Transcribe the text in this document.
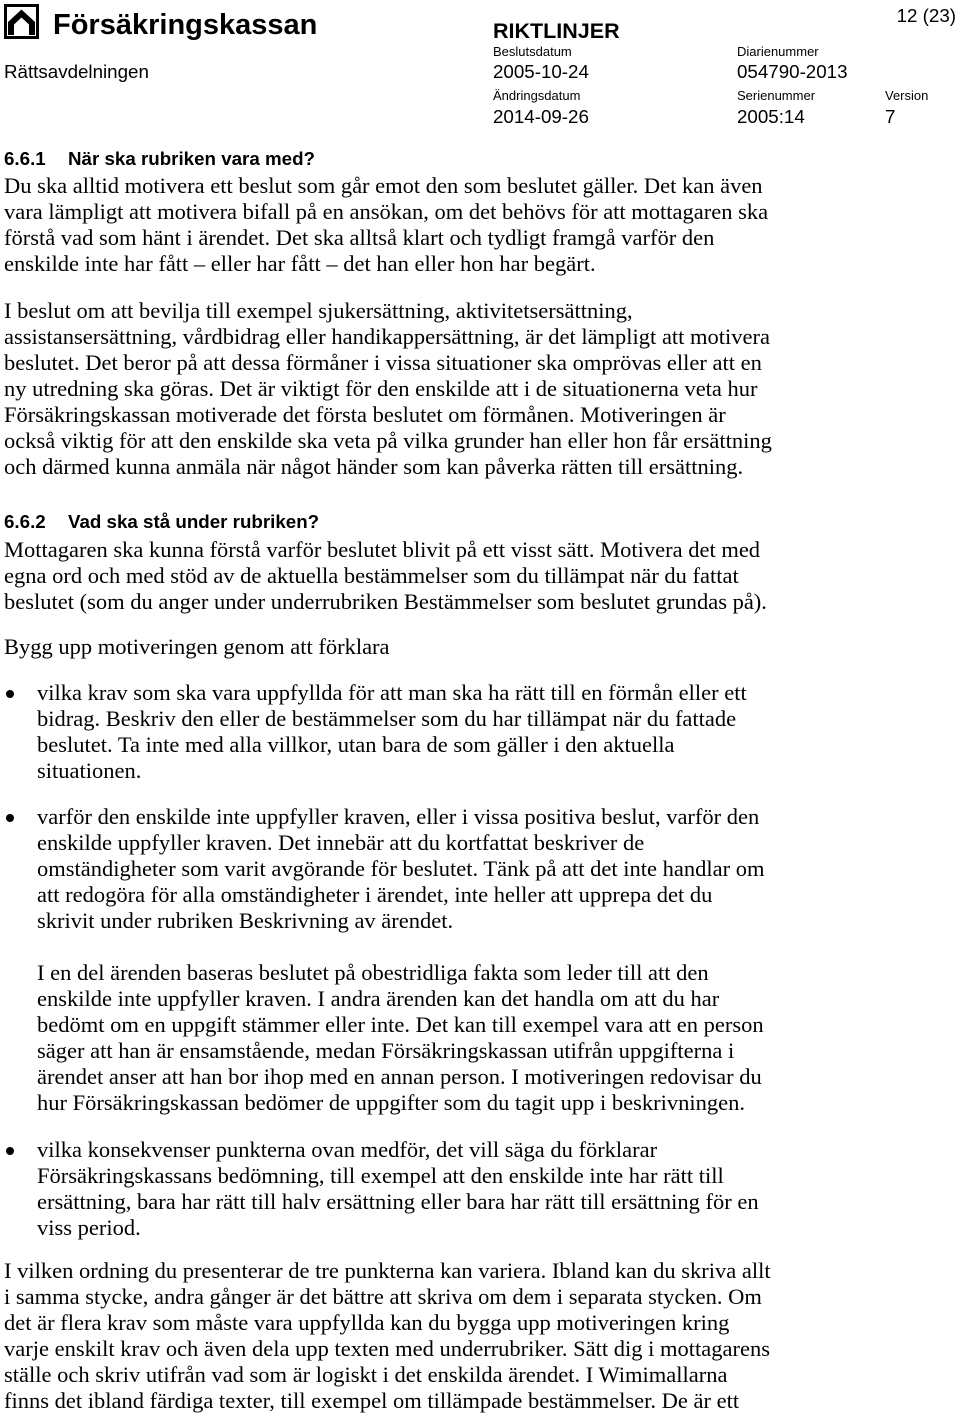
Försäkringskassan	RIKTLINJER
12 (23)
Rättsavdelningen
Beslutsdatum
2005-10-24
Diarienummer
054790-2013
Ändringsdatum
2014-09-26
Serienummer
2005:14
Version
7
6.6.1 När ska rubriken vara med?
Du ska alltid motivera ett beslut som går emot den som beslutet gäller. Det kan även
vara lämpligt att motivera bifall på en ansökan, om det behövs för att mottagaren ska
förstå vad som hänt i ärendet. Det ska alltså klart och tydligt framgå varför den
enskilde inte har fått – eller har fått – det han eller hon har begärt.
I beslut om att bevilja till exempel sjukersättning, aktivitetsersättning,
assistansersättning, vårdbidrag eller handikappersättning, är det lämpligt att motivera
beslutet. Det beror på att dessa förmåner i vissa situationer ska omprövas eller att en
ny utredning ska göras. Det är viktigt för den enskilde att i de situationerna veta hur
Försäkringskassan motiverade det första beslutet om förmånen. Motiveringen är
också viktig för att den enskilde ska veta på vilka grunder han eller hon får ersättning
och därmed kunna anmäla när något händer som kan påverka rätten till ersättning.
6.6.2 Vad ska stå under rubriken?
Mottagaren ska kunna förstå varför beslutet blivit på ett visst sätt. Motivera det med
egna ord och med stöd av de aktuella bestämmelser som du tillämpat när du fattat
beslutet (som du anger under underrubriken Bestämmelser som beslutet grundas på).
Bygg upp motiveringen genom att förklara
vilka krav som ska vara uppfyllda för att man ska ha rätt till en förmån eller ett
bidrag. Beskriv den eller de bestämmelser som du har tillämpat när du fattade
beslutet. Ta inte med alla villkor, utan bara de som gäller i den aktuella
situationen.
varför den enskilde inte uppfyller kraven, eller i vissa positiva beslut, varför den
enskilde uppfyller kraven. Det innebär att du kortfattat beskriver de
omständigheter som varit avgörande för beslutet. Tänk på att det inte handlar om
att redogöra för alla omständigheter i ärendet, inte heller att upprepa det du
skrivit under rubriken Beskrivning av ärendet.
I en del ärenden baseras beslutet på obestridliga fakta som leder till att den
enskilde inte uppfyller kraven. I andra ärenden kan det handla om att du har
bedömt om en uppgift stämmer eller inte. Det kan till exempel vara att en person
säger att han är ensamstående, medan Försäkringskassan utifrån uppgifterna i
ärendet anser att han bor ihop med en annan person. I motiveringen redovisar du
hur Försäkringskassan bedömer de uppgifter som du tagit upp i beskrivningen.
vilka konsekvenser punkterna ovan medför, det vill säga du förklarar
Försäkringskassans bedömning, till exempel att den enskilde inte har rätt till
ersättning, bara har rätt till halv ersättning eller bara har rätt till ersättning för en
viss period.
I vilken ordning du presenterar de tre punkterna kan variera. Ibland kan du skriva allt
i samma stycke, andra gånger är det bättre att skriva om dem i separata stycken. Om
det är flera krav som måste vara uppfyllda kan du bygga upp motiveringen kring
varje enskilt krav och även dela upp texten med underrubriker. Sätt dig i mottagarens
ställe och skriv utifrån vad som är logiskt i det enskilda ärendet. I Wimimallarna
finns det ibland färdiga texter, till exempel om tillämpade bestämmelser. De är ett
